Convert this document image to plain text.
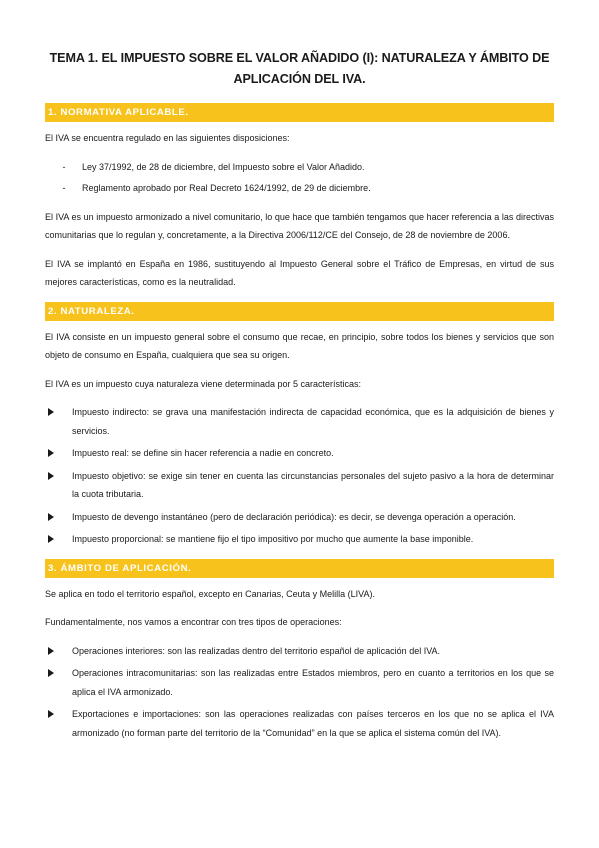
TEMA 1. EL IMPUESTO SOBRE EL VALOR AÑADIDO (I): NATURALEZA Y ÁMBITO DE APLICACIÓN DEL IVA.
1. NORMATIVA APLICABLE.

El IVA se encuentra regulado en las siguientes disposiciones:

-	Ley 37/1992, de 28 de diciembre, del Impuesto sobre el Valor Añadido.
-	Reglamento aprobado por Real Decreto 1624/1992, de 29 de diciembre.

El IVA es un impuesto armonizado a nivel comunitario, lo que hace que también tengamos que hacer referencia a las directivas comunitarias que lo regulan y, concretamente, a la Directiva 2006/112/CE del Consejo, de 28 de noviembre de 2006.

El IVA se implantó en España en 1986, sustituyendo al Impuesto General sobre el Tráfico de Empresas, en virtud de sus mejores características, como es la neutralidad.

2. NATURALEZA.

El IVA consiste en un impuesto general sobre el consumo que recae, en principio, sobre todos los bienes y servicios que son objeto de consumo en España, cualquiera que sea su origen.

El IVA es un impuesto cuya naturaleza viene determinada por 5 características:

Impuesto indirecto: se grava una manifestación indirecta de capacidad económica, que es la adquisición de bienes y servicios.
Impuesto real: se define sin hacer referencia a nadie en concreto.
Impuesto objetivo: se exige sin tener en cuenta las circunstancias personales del sujeto pasivo a la hora de determinar la cuota tributaria.
Impuesto de devengo instantáneo (pero de declaración periódica): es decir, se devenga operación a operación.
Impuesto proporcional: se mantiene fijo el tipo impositivo por mucho que aumente la base imponible.
3. ÁMBITO DE APLICACIÓN.

Se aplica en todo el territorio español, excepto en Canarias, Ceuta y Melilla (LIVA).

Fundamentalmente, nos vamos a encontrar con tres tipos de operaciones:

Operaciones interiores: son las realizadas dentro del territorio español de aplicación del IVA.
Operaciones intracomunitarias: son las realizadas entre Estados miembros, pero en cuanto a territorios en los que se aplica el IVA armonizado.
Exportaciones e importaciones: son las operaciones realizadas con países terceros en los que no se aplica el IVA armonizado (no forman parte del territorio de la “Comunidad” en la que se aplica el sistema común del IVA).
